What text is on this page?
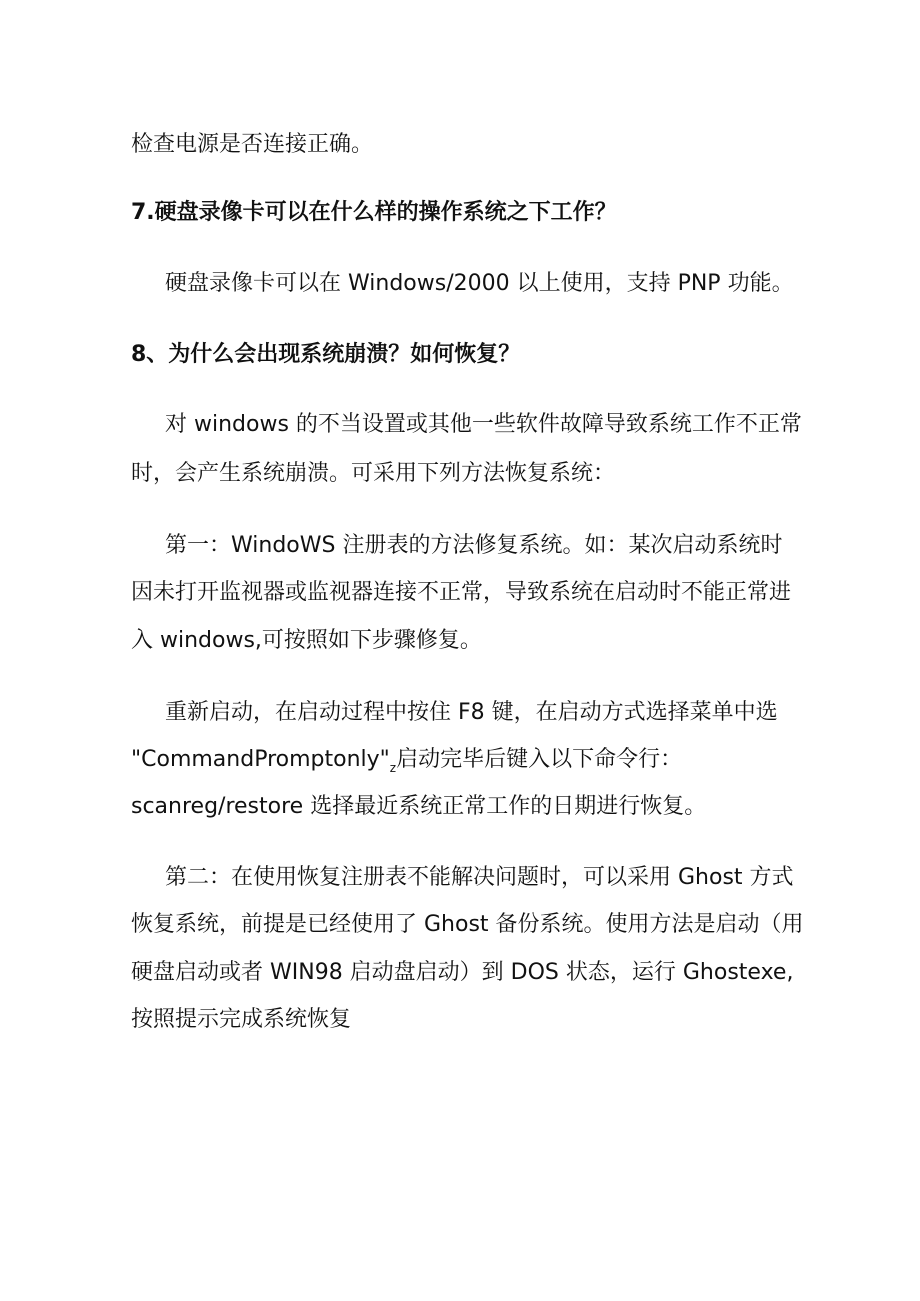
检查电源是否连接正确。
7.硬盘录像卡可以在什么样的操作系统之下工作？
硬盘录像卡可以在 Windows/2000 以上使用，支持 PNP 功能。
8、为什么会出现系统崩溃？如何恢复？
对 windows 的不当设置或其他一些软件故障导致系统工作不正常
时，会产生系统崩溃。可采用下列方法恢复系统：
第一：WindoWS 注册表的方法修复系统。如：某次启动系统时
因未打开监视器或监视器连接不正常，导致系统在启动时不能正常进
入 windows,可按照如下步骤修复。
重新启动，在启动过程中按住 F8 键，在启动方式选择菜单中选
"$CommandPromptonly"_z$启动完毕后键入以下命令行：
scanreg/restore 选择最近系统正常工作的日期进行恢复。
第二：在使用恢复注册表不能解决问题时，可以采用 Ghost 方式
恢复系统，前提是已经使用了 Ghost 备份系统。使用方法是启动（用
硬盘启动或者 WIN98 启动盘启动）到 DOS 状态，运行 Ghostexe,
按照提示完成系统恢复
